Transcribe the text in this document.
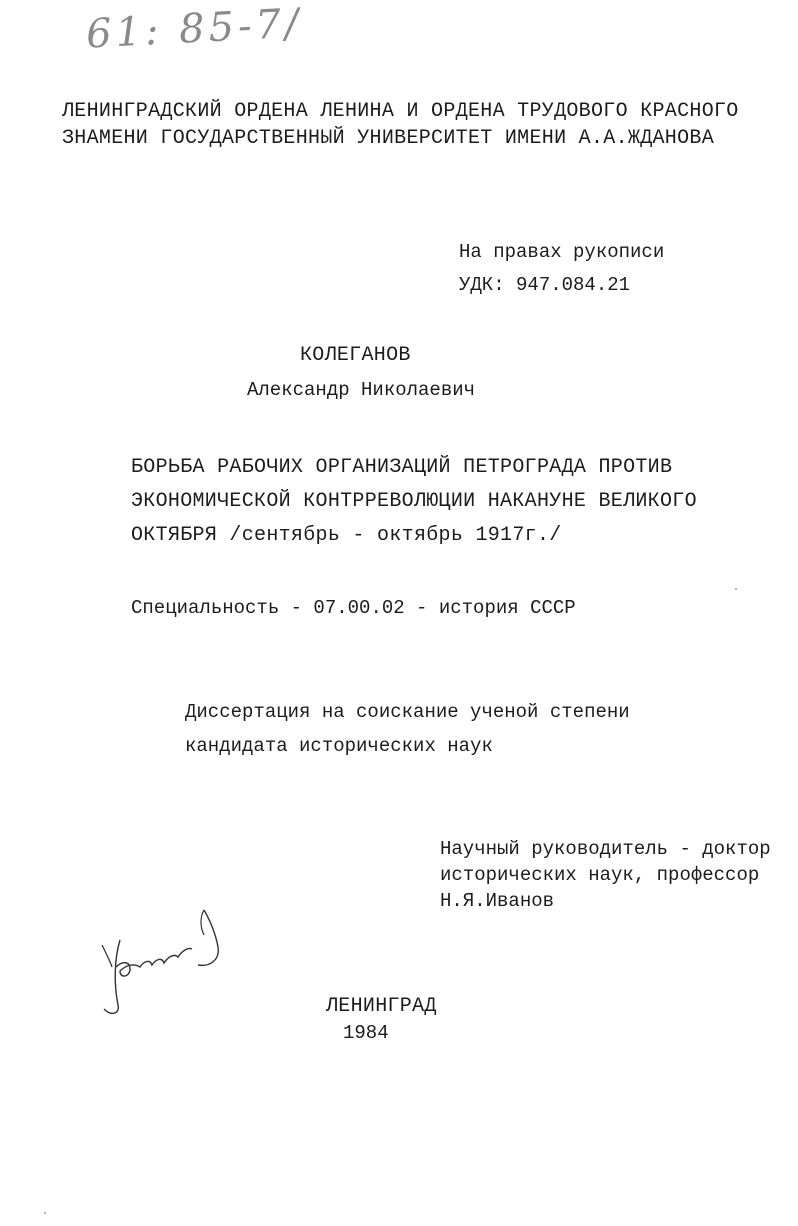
61: 85-7/
ЛЕНИНГРАДСКИЙ ОРДЕНА ЛЕНИНА И ОРДЕНА ТРУДОВОГО КРАСНОГО
ЗНАМЕНИ ГОСУДАРСТВЕННЫЙ УНИВЕРСИТЕТ ИМЕНИ А.А.ЖДАНОВА
На правах рукописи
УДК: 947.084.21
КОЛЕГАНОВ
Александр Николаевич
БОРЬБА РАБОЧИХ ОРГАНИЗАЦИЙ ПЕТРОГРАДА ПРОТИВ
ЭКОНОМИЧЕСКОЙ КОНТРРЕВОЛЮЦИИ НАКАНУНЕ ВЕЛИКОГО
ОКТЯБРЯ /сентябрь - октябрь 1917г./
Специальность - 07.00.02 - история СССР
Диссертация на соискание ученой степени
кандидата исторических наук
Научный руководитель - доктор
исторических наук, профессор
Н.Я.Иванов
ЛЕНИНГРАД
1984
